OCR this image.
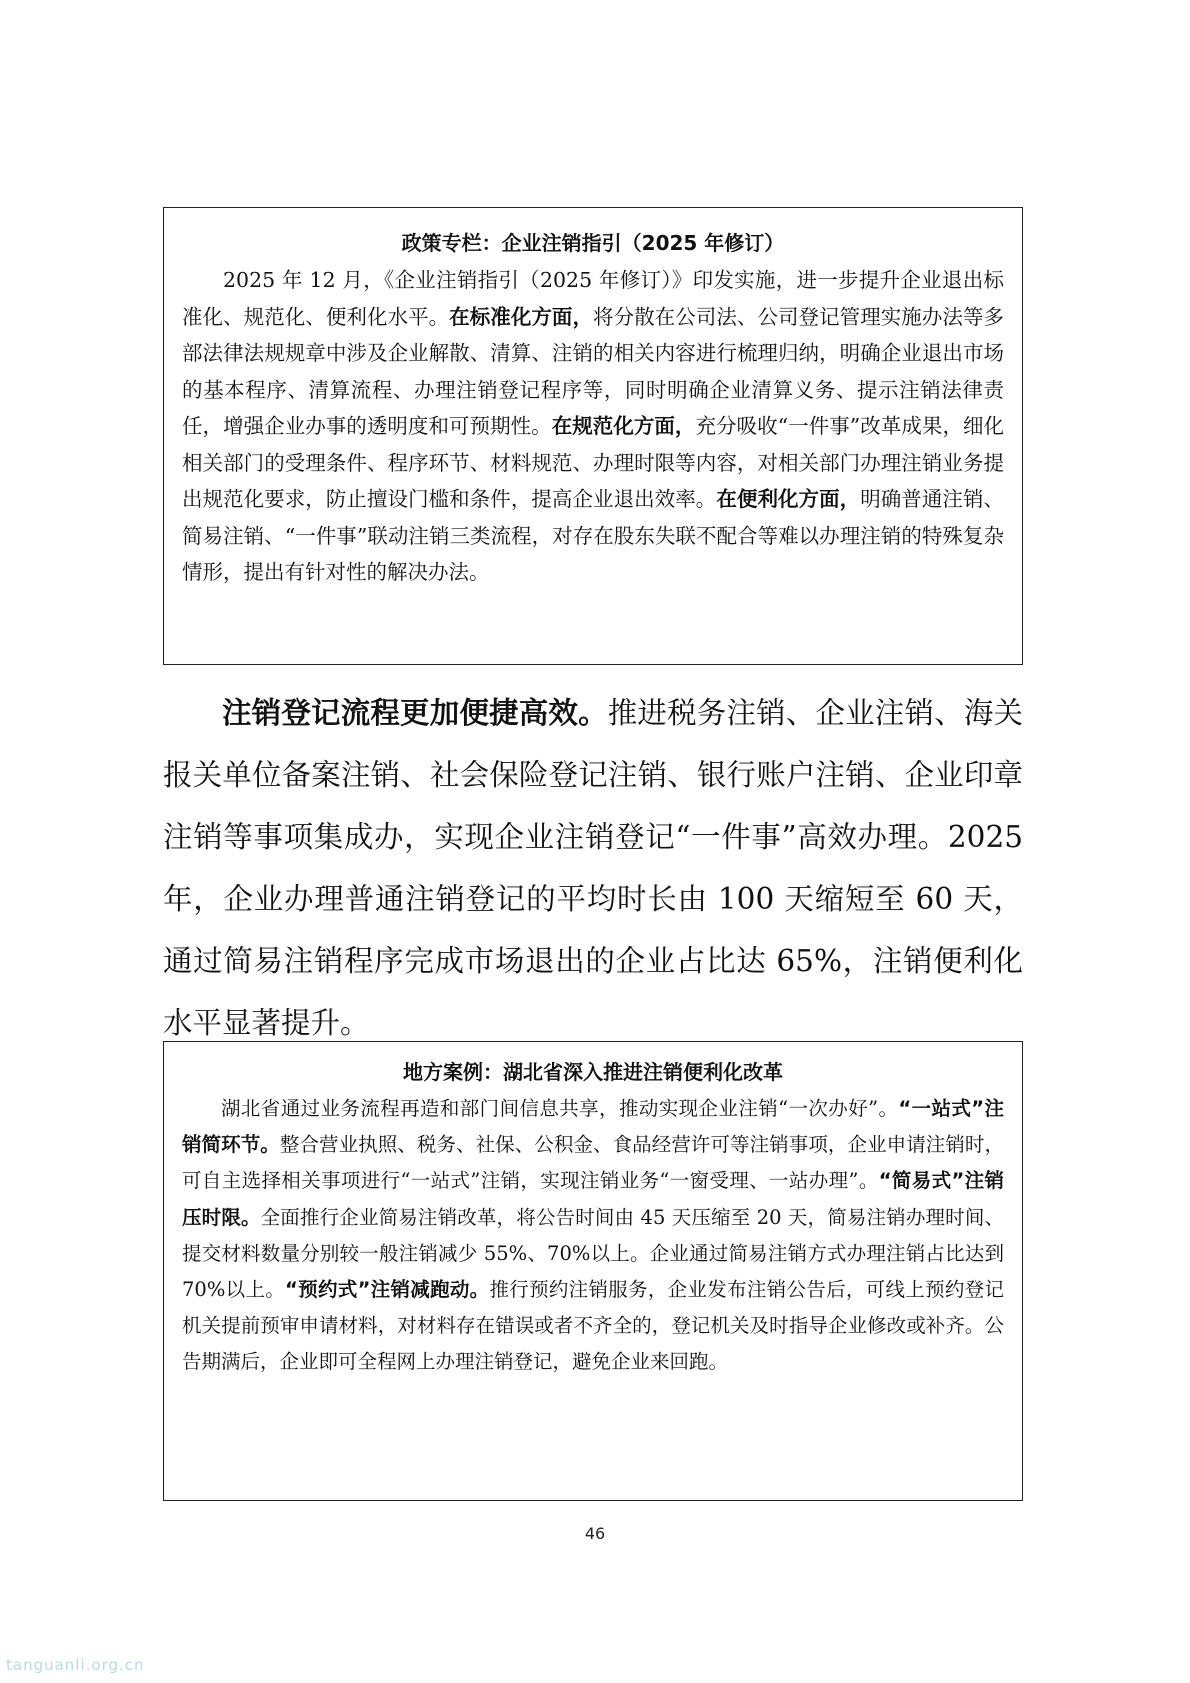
政策专栏：企业注销指引（2025 年修订）

2025 年 12 月，《企业注销指引（2025 年修订）》印发实施，进一步提升企业退出标准化、规范化、便利化水平。在标准化方面，将分散在公司法、公司登记管理实施办法等多部法律法规规章中涉及企业解散、清算、注销的相关内容进行梳理归纳，明确企业退出市场的基本程序、清算流程、办理注销登记程序等，同时明确企业清算义务、提示注销法律责任，增强企业办事的透明度和可预期性。在规范化方面，充分吸收“一件事”改革成果，细化相关部门的受理条件、程序环节、材料规范、办理时限等内容，对相关部门办理注销业务提出规范化要求，防止擅设门槛和条件，提高企业退出效率。在便利化方面，明确普通注销、简易注销、“一件事”联动注销三类流程，对存在股东失联不配合等难以办理注销的特殊复杂情形，提出有针对性的解决办法。

注销登记流程更加便捷高效。推进税务注销、企业注销、海关报关单位备案注销、社会保险登记注销、银行账户注销、企业印章注销等事项集成办，实现企业注销登记“一件事”高效办理。2025 年，企业办理普通注销登记的平均时长由 100 天缩短至 60 天，通过简易注销程序完成市场退出的企业占比达 65%，注销便利化水平显著提升。

地方案例：湖北省深入推进注销便利化改革

湖北省通过业务流程再造和部门间信息共享，推动实现企业注销“一次办好”。“一站式”注销简环节。整合营业执照、税务、社保、公积金、食品经营许可等注销事项，企业申请注销时，可自主选择相关事项进行“一站式”注销，实现注销业务“一窗受理、一站办理”。“简易式”注销压时限。全面推行企业简易注销改革，将公告时间由 45 天压缩至 20 天，简易注销办理时间、提交材料数量分别较一般注销减少 55%、70%以上。企业通过简易注销方式办理注销占比达到 70%以上。“预约式”注销减跑动。推行预约注销服务，企业发布注销公告后，可线上预约登记机关提前预审申请材料，对材料存在错误或者不齐全的，登记机关及时指导企业修改或补齐。公告期满后，企业即可全程网上办理注销登记，避免企业来回跑。

46
tanguanli.org.cn
